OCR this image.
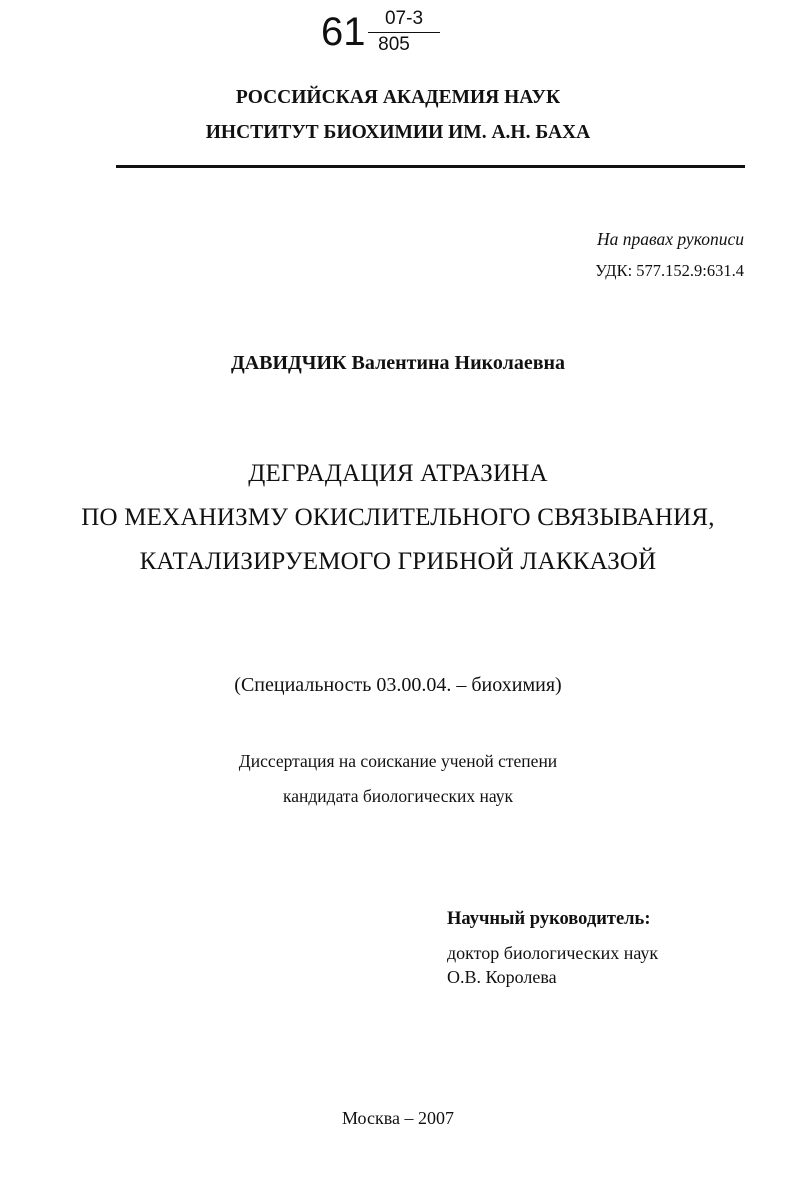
61	07-3
805
РОССИЙСКАЯ АКАДЕМИЯ НАУК
ИНСТИТУТ БИОХИМИИ ИМ. А.Н. БАХА
На правах рукописи
УДК: 577.152.9:631.4
ДАВИДЧИК Валентина Николаевна
ДЕГРАДАЦИЯ АТРАЗИНА
ПО МЕХАНИЗМУ ОКИСЛИТЕЛЬНОГО СВЯЗЫВАНИЯ,
КАТАЛИЗИРУЕМОГО ГРИБНОЙ ЛАККАЗОЙ
(Специальность 03.00.04. – биохимия)
Диссертация на соискание ученой степени
кандидата биологических наук
Научный руководитель:
доктор биологических наук
О.В. Королева
Москва – 2007
